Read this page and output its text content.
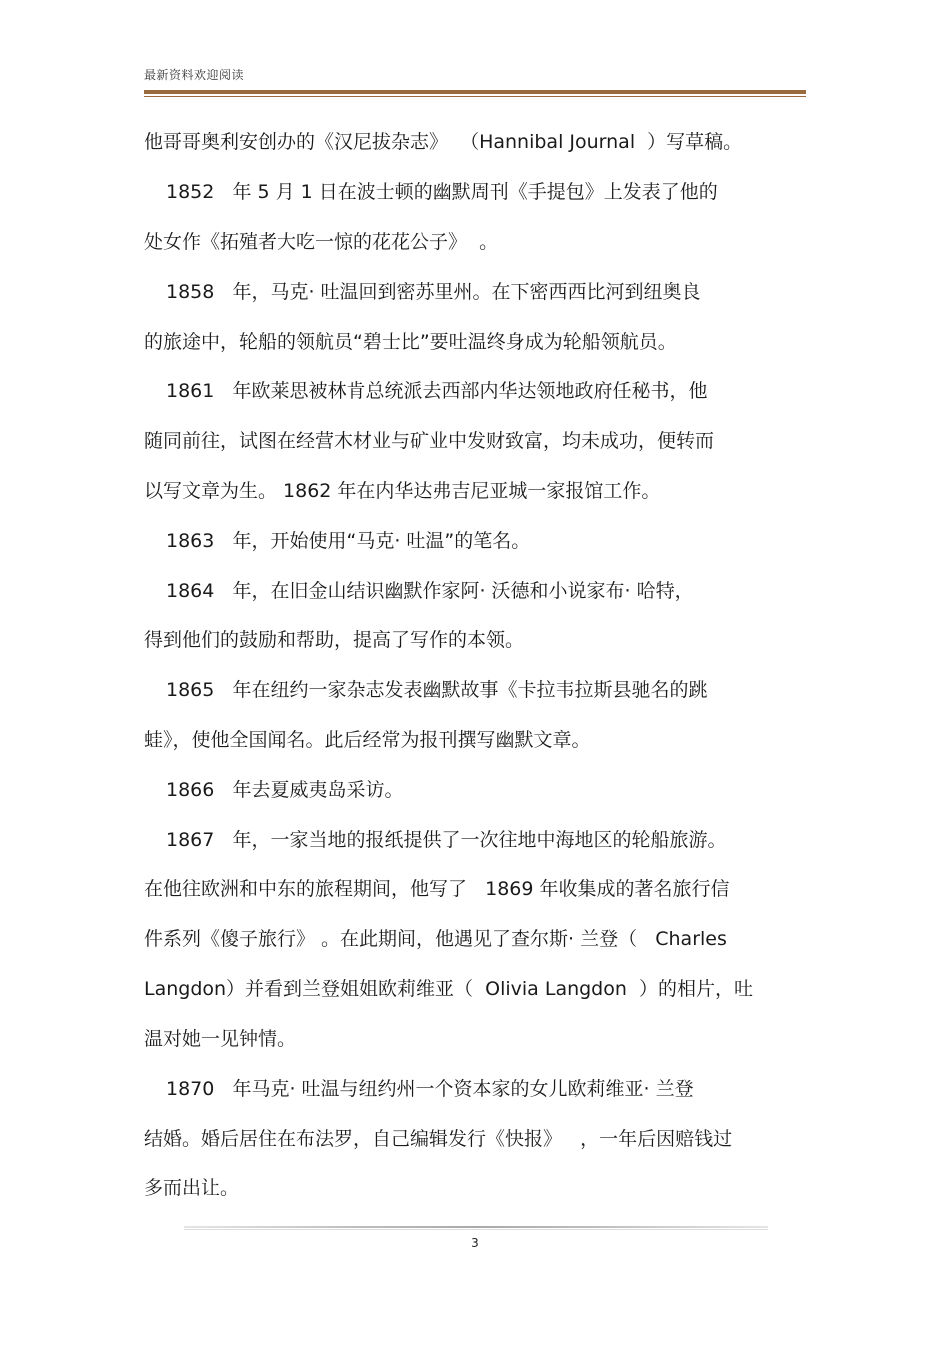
最新资料欢迎阅读
他哥哥奥利安创办的《汉尼拔杂志》  （Hannibal Journal  ）写草稿。
1852   年 5 月 1 日在波士顿的幽默周刊《手提包》上发表了他的
处女作《拓殖者大吃一惊的花花公子》  。
1858   年，马克· 吐温回到密苏里州。在下密西西比河到纽奥良
的旅途中，轮船的领航员“碧士比”要吐温终身成为轮船领航员。
1861   年欧莱思被林肯总统派去西部内华达领地政府任秘书，他
随同前往，试图在经营木材业与矿业中发财致富，均未成功，便转而
以写文章为生。 1862 年在内华达弗吉尼亚城一家报馆工作。
1863   年，开始使用“马克· 吐温”的笔名。
1864   年，在旧金山结识幽默作家阿· 沃德和小说家布· 哈特，
得到他们的鼓励和帮助，提高了写作的本领。
1865   年在纽约一家杂志发表幽默故事《卡拉韦拉斯县驰名的跳
蛙》，使他全国闻名。此后经常为报刊撰写幽默文章。
1866   年去夏威夷岛采访。
1867   年，一家当地的报纸提供了一次往地中海地区的轮船旅游。
在他往欧洲和中东的旅程期间，他写了   1869 年收集成的著名旅行信
件系列《傻子旅行》 。在此期间，他遇见了查尔斯· 兰登（   Charles
Langdon）并看到兰登姐姐欧莉维亚（  Olivia Langdon  ）的相片，吐
温对她一见钟情。
1870   年马克· 吐温与纽约州一个资本家的女儿欧莉维亚· 兰登
结婚。婚后居住在布法罗，自己编辑发行《快报》   ，一年后因赔钱过
多而出让。
3
